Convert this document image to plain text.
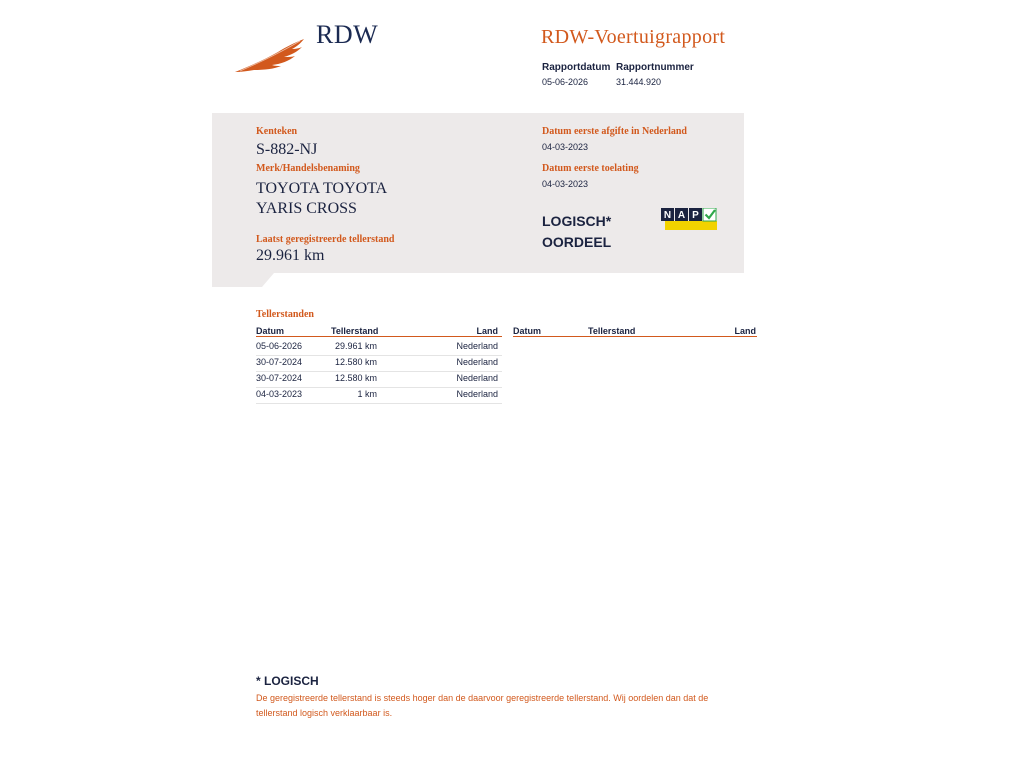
RDW	RDW-Voertuigrapport
Rapportdatum
05-06-2026
Rapportnummer
31.444.920
Kenteken
S-882-NJ
Merk/Handelsbenaming
TOYOTA TOYOTA
YARIS CROSS
Laatst geregistreerde tellerstand
29.961 km
Datum eerste afgifte in Nederland
04-03-2023
Datum eerste toelating
04-03-2023
LOGISCH*
OORDEEL
N A P
Tellerstanden
Datum	Tellerstand	Land
05-06-2026	29.961 km	Nederland
30-07-2024	12.580 km	Nederland
30-07-2024	12.580 km	Nederland
04-03-2023	1 km	Nederland
Datum	Tellerstand	Land
* LOGISCH
De geregistreerde tellerstand is steeds hoger dan de daarvoor geregistreerde tellerstand. Wij oordelen dan dat de tellerstand logisch verklaarbaar is.
